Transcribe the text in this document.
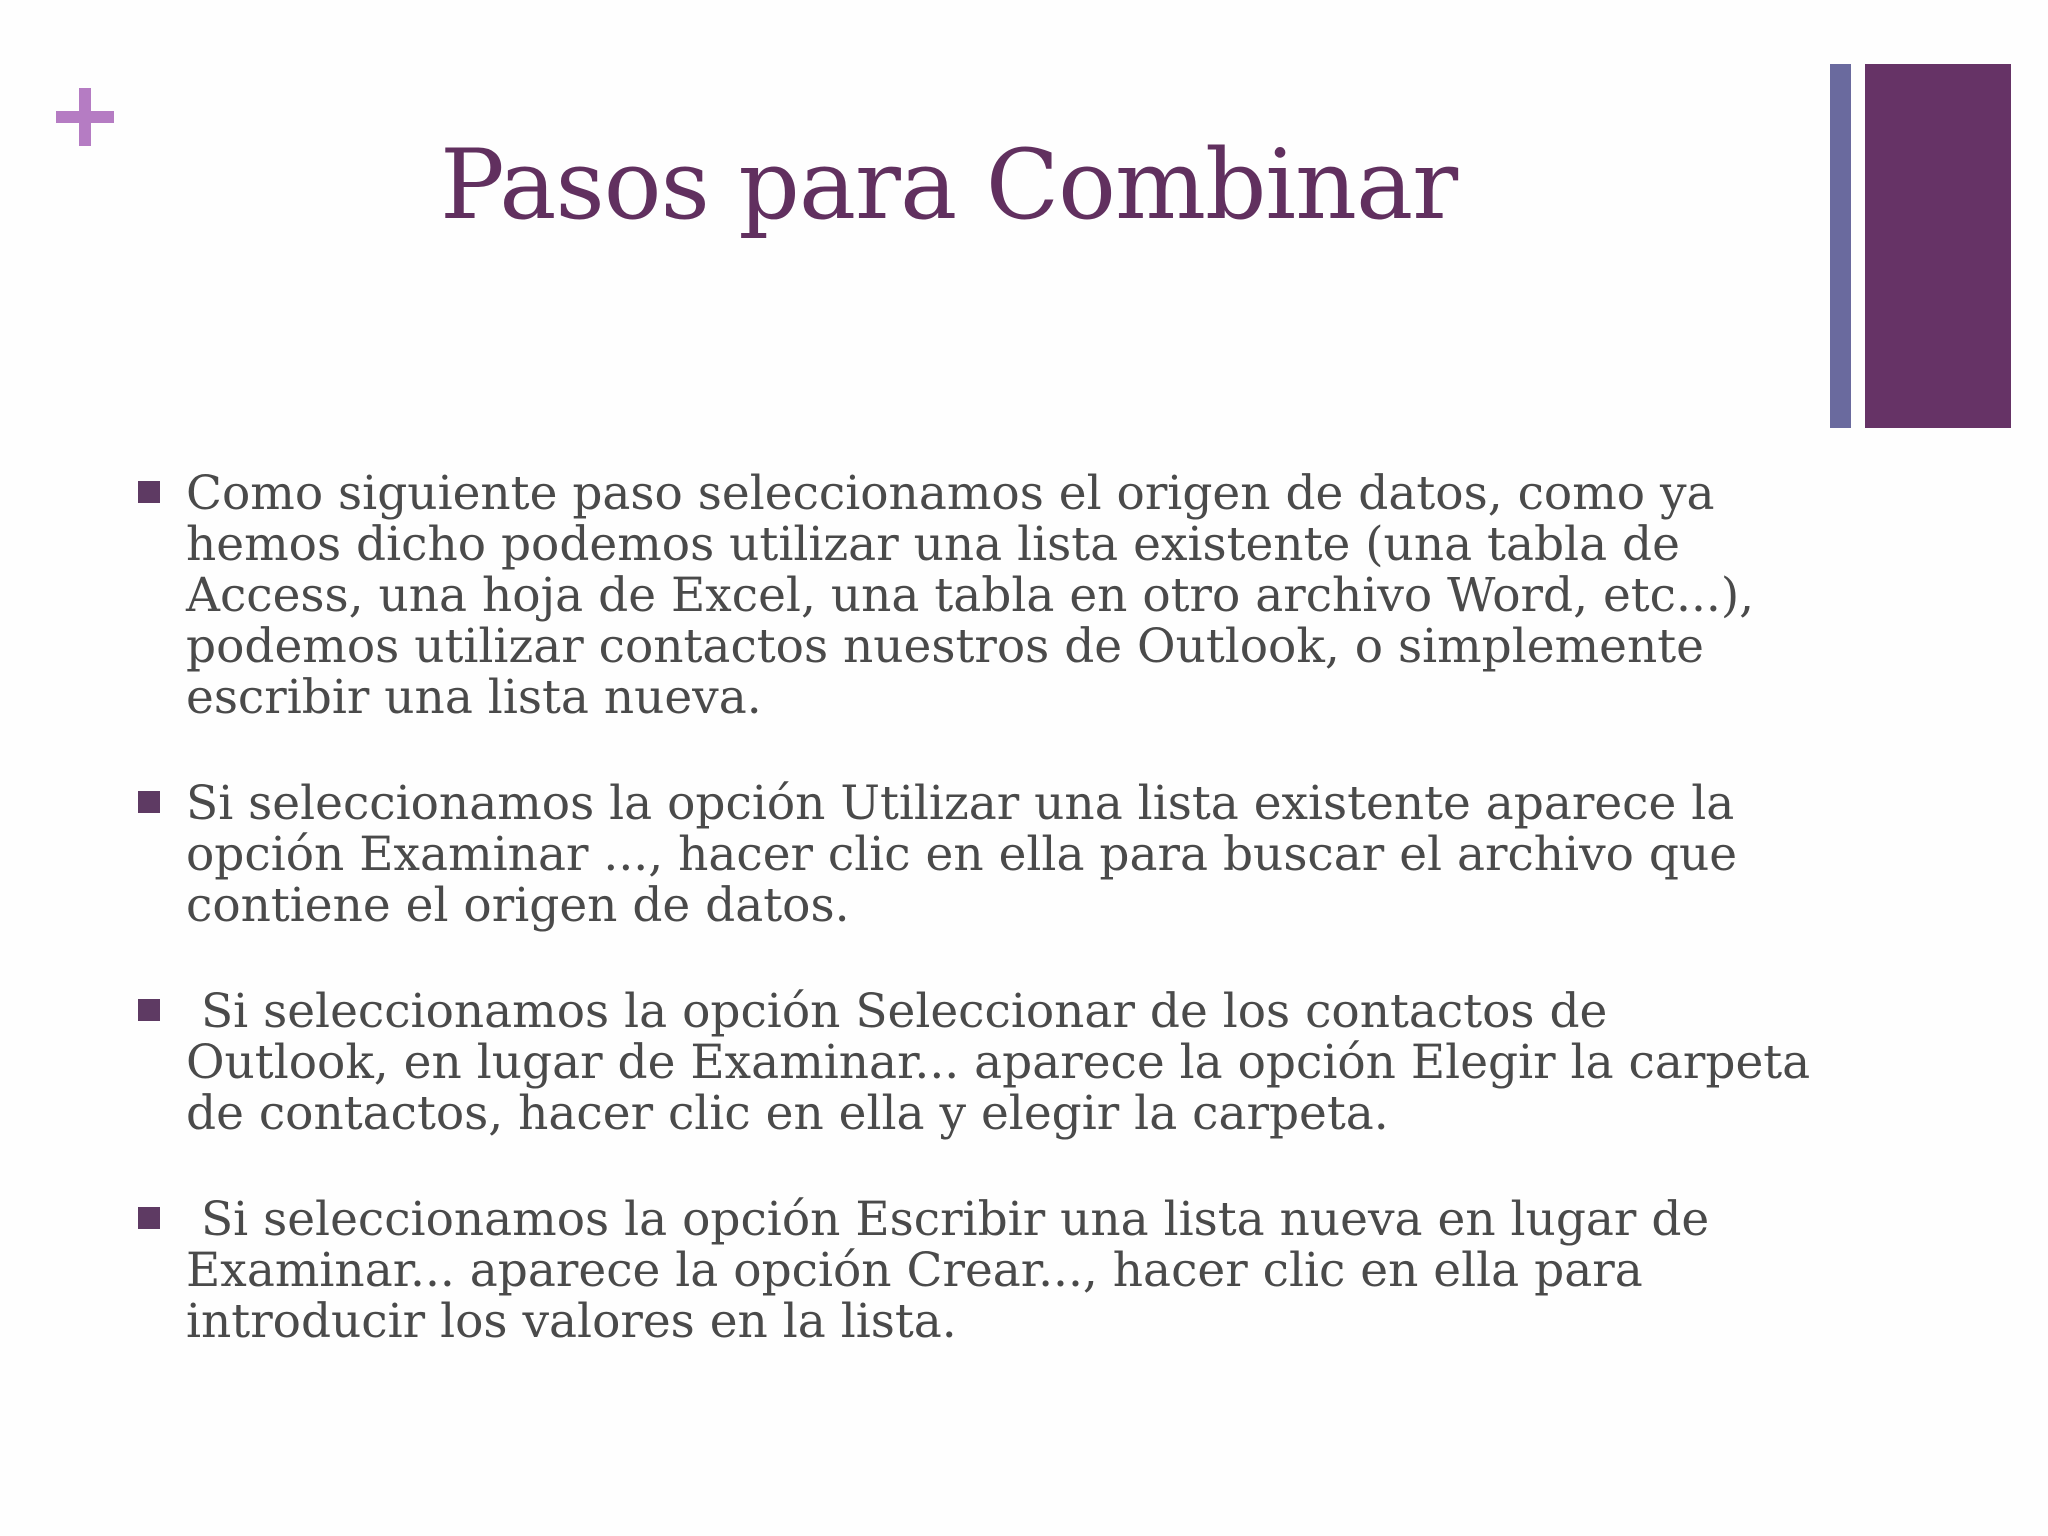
Pasos para Combinar
Como siguiente paso seleccionamos el origen de datos, como ya hemos dicho podemos utilizar una lista existente (una tabla de Access, una hoja de Excel, una tabla en otro archivo Word, etc...), podemos utilizar contactos nuestros de Outlook, o simplemente escribir una lista nueva.
Si seleccionamos la opción Utilizar una lista existente aparece la opción Examinar ..., hacer clic en ella para buscar el archivo que contiene el origen de datos.
Si seleccionamos la opción Seleccionar de los contactos de Outlook, en lugar de Examinar... aparece la opción Elegir la carpeta de contactos, hacer clic en ella y elegir la carpeta.
Si seleccionamos la opción Escribir una lista nueva en lugar de Examinar... aparece la opción Crear..., hacer clic en ella para introducir los valores en la lista.
